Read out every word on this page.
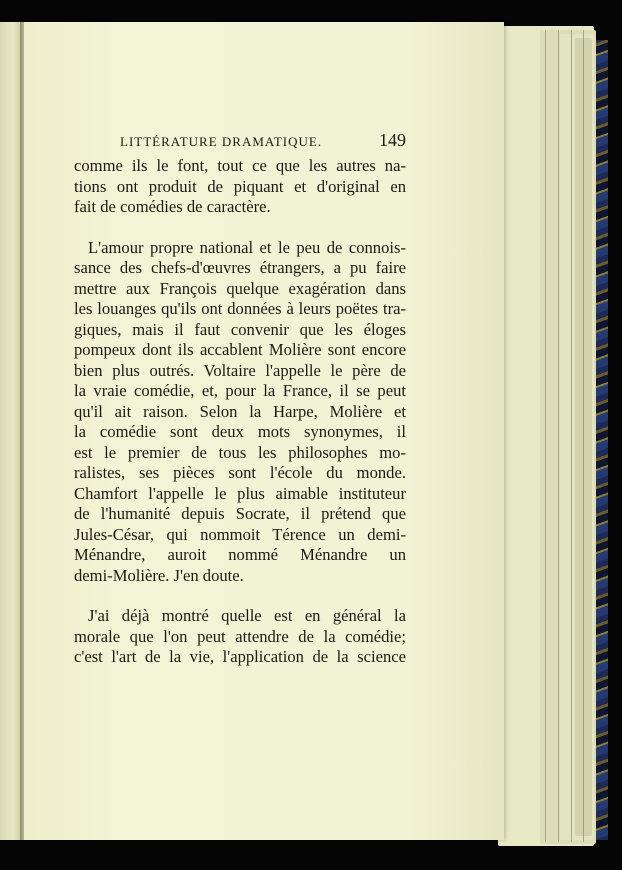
LITTÉRATURE DRAMATIQUE.	149
comme ils le font, tout ce que les autres na-
tions ont produit de piquant et d'original en
fait de comédies de caractère.
L'amour propre national et le peu de connois-
sance des chefs-d'œuvres étrangers, a pu faire
mettre aux François quelque exagération dans
les louanges qu'ils ont données à leurs poëtes tra-
giques, mais il faut convenir que les éloges
pompeux dont ils accablent Molière sont encore
bien plus outrés. Voltaire l'appelle le père de
la vraie comédie, et, pour la France, il se peut
qu'il ait raison. Selon la Harpe, Molière et
la comédie sont deux mots synonymes, il
est le premier de tous les philosophes mo-
ralistes, ses pièces sont l'école du monde.
Chamfort l'appelle le plus aimable instituteur
de l'humanité depuis Socrate, il prétend que
Jules-César, qui nommoit Térence un demi-
Ménandre, auroit nommé Ménandre un
demi-Molière. J'en doute.
J'ai déjà montré quelle est en général la
morale que l'on peut attendre de la comédie;
c'est l'art de la vie, l'application de la science
